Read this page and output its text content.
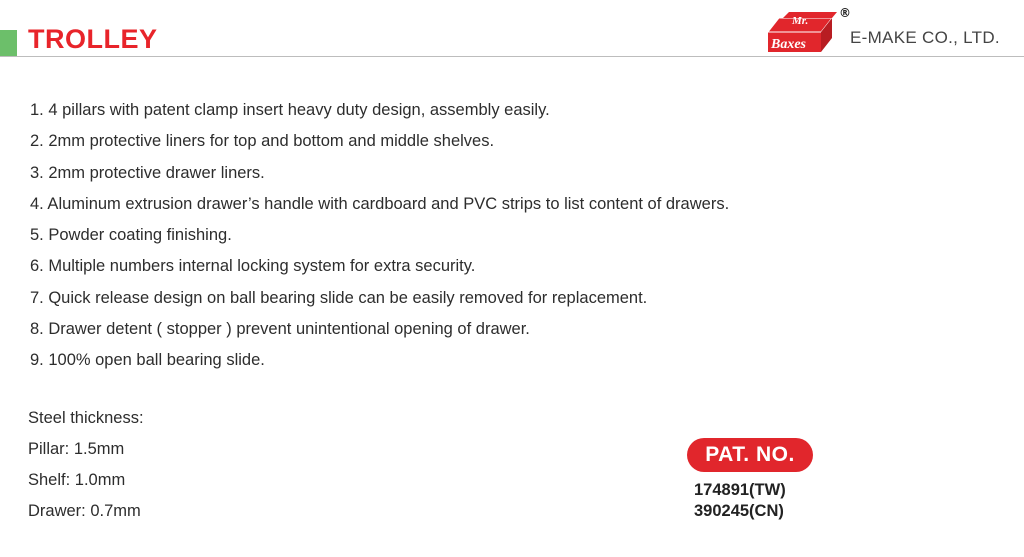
TROLLEY
Mr.
Baxes
®
E-MAKE CO., LTD.
1. 4 pillars with patent clamp insert heavy duty design, assembly easily.
2. 2mm protective liners for top and bottom and middle shelves.
3. 2mm protective drawer liners.
4. Aluminum extrusion drawer’s handle with cardboard and PVC strips to list content of drawers.
5. Powder coating finishing.
6. Multiple numbers internal locking system for extra security.
7. Quick release design on ball bearing slide can be easily removed for replacement.
8. Drawer detent ( stopper ) prevent unintentional opening of drawer.
9. 100% open ball bearing slide.
Steel thickness:
Pillar: 1.5mm
Shelf: 1.0mm
Drawer: 0.7mm
PAT. NO.
174891(TW)
390245(CN)
